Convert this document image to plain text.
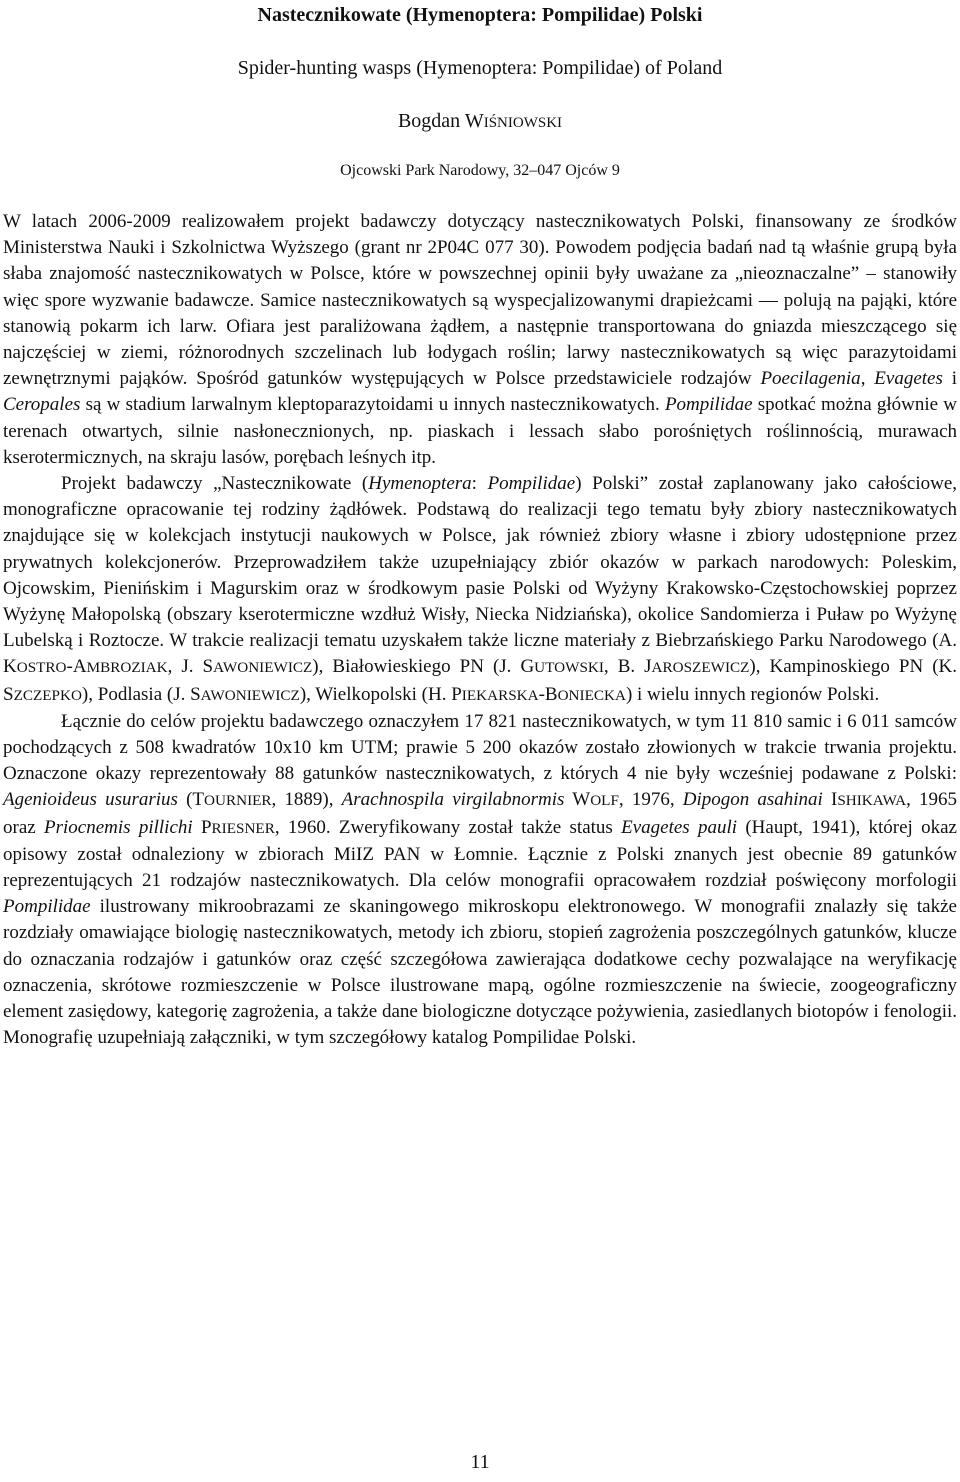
Nastecznikowate (Hymenoptera: Pompilidae) Polski

Spider-hunting wasps (Hymenoptera: Pompilidae) of Poland

Bogdan WIŚNIOWSKI

Ojcowski Park Narodowy, 32–047 Ojców 9

W latach 2006-2009 realizowałem projekt badawczy dotyczący nastecznikowatych Polski, finansowany ze środków Ministerstwa Nauki i Szkolnictwa Wyższego (grant nr 2P04C 077 30). Powodem podjęcia badań nad tą właśnie grupą była słaba znajomość nastecznikowatych w Polsce, które w powszechnej opinii były uważane za „nieoznaczalne” – stanowiły więc spore wyzwanie badawcze. Samice nastecznikowatych są wyspecjalizowanymi drapieżcami — polują na pająki, które stanowią pokarm ich larw. Ofiara jest paraliżowana żądłem, a następnie transportowana do gniazda mieszczącego się najczęściej w ziemi, różnorodnych szczelinach lub łodygach roślin; larwy nastecznikowatych są więc parazytoidami zewnętrznymi pająków. Spośród gatunków występujących w Polsce przedstawiciele rodzajów Poecilagenia, Evagetes i Ceropales są w stadium larwalnym kleptoparazytoidami u innych nastecznikowatych. Pompilidae spotkać można głównie w terenach otwartych, silnie nasłonecznionych, np. piaskach i lessach słabo porośniętych roślinnością, murawach kserotermicznych, na skraju lasów, porębach leśnych itp.

Projekt badawczy „Nastecznikowate (Hymenoptera: Pompilidae) Polski” został zaplanowany jako całościowe, monograficzne opracowanie tej rodziny żądłówek. Podstawą do realizacji tego tematu były zbiory nastecznikowatych znajdujące się w kolekcjach instytucji naukowych w Polsce, jak również zbiory własne i zbiory udostępnione przez prywatnych kolekcjonerów. Przeprowadziłem także uzupełniający zbiór okazów w parkach narodowych: Poleskim, Ojcowskim, Pienińskim i Magurskim oraz w środkowym pasie Polski od Wyżyny Krakowsko-Częstochowskiej poprzez Wyżynę Małopolską (obszary kserotermiczne wzdłuż Wisły, Niecka Nidziańska), okolice Sandomierza i Puław po Wyżynę Lubelską i Roztocze. W trakcie realizacji tematu uzyskałem także liczne materiały z Biebrzańskiego Parku Narodowego (A. KOSTRO-AMBROZIAK, J. SAWONIEWICZ), Białowieskiego PN (J. GUTOWSKI, B. JAROSZEWICZ), Kampinoskiego PN (K. SZCZEPKO), Podlasia (J. SAWONIEWICZ), Wielkopolski (H. PIEKARSKA-BONIECKA) i wielu innych regionów Polski.

Łącznie do celów projektu badawczego oznaczyłem 17 821 nastecznikowatych, w tym 11 810 samic i 6 011 samców pochodzących z 508 kwadratów 10x10 km UTM; prawie 5 200 okazów zostało złowionych w trakcie trwania projektu. Oznaczone okazy reprezentowały 88 gatunków nastecznikowatych, z których 4 nie były wcześniej podawane z Polski: Agenioideus usurarius (TOURNIER, 1889), Arachnospila virgilabnormis WOLF, 1976, Dipogon asahinai ISHIKAWA, 1965 oraz Priocnemis pillichi PRIESNER, 1960. Zweryfikowany został także status Evagetes pauli (Haupt, 1941), której okaz opisowy został odnaleziony w zbiorach MiIZ PAN w Łomnie. Łącznie z Polski znanych jest obecnie 89 gatunków reprezentujących 21 rodzajów nastecznikowatych. Dla celów monografii opracowałem rozdział poświęcony morfologii Pompilidae ilustrowany mikroobrazami ze skaningowego mikroskopu elektronowego. W monografii znalazły się także rozdziały omawiające biologię nastecznikowatych, metody ich zbioru, stopień zagrożenia poszczególnych gatunków, klucze do oznaczania rodzajów i gatunków oraz część szczegółowa zawierająca dodatkowe cechy pozwalające na weryfikację oznaczenia, skrótowe rozmieszczenie w Polsce ilustrowane mapą, ogólne rozmieszczenie na świecie, zoogeograficzny element zasiędowy, kategorię zagrożenia, a także dane biologiczne dotyczące pożywienia, zasiedlanych biotopów i fenologii. Monografię uzupełniają załączniki, w tym szczegółowy katalog Pompilidae Polski.

11
